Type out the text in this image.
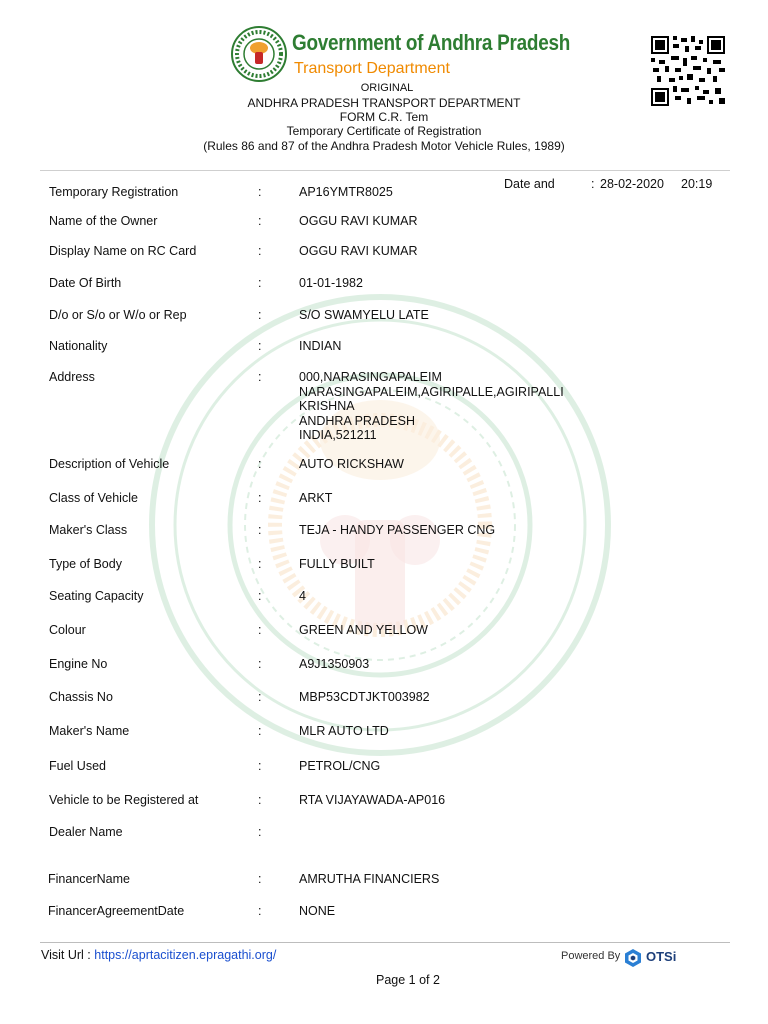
Government of Andhra Pradesh
Transport Department
ORIGINAL
ANDHRA PRADESH TRANSPORT DEPARTMENT
FORM C.R. Tem
Temporary Certificate of Registration
(Rules 86 and 87 of the Andhra Pradesh Motor Vehicle Rules, 1989)
Date and	: 28-02-2020 20:19
Temporary Registration	:	AP16YMTR8025
Name of the Owner	:	OGGU RAVI KUMAR
Display Name on RC Card	:	OGGU RAVI KUMAR
Date Of Birth	:	01-01-1982
D/o or S/o or W/o or Rep	:	S/O SWAMYELU LATE
Nationality	:	INDIAN
Address	:	000,NARASINGAPALEIM
NARASINGAPALEIM,AGIRIPALLE,AGIRIPALLI
KRISHNA
ANDHRA PRADESH
INDIA,521211
Description of Vehicle	:	AUTO RICKSHAW
Class of Vehicle	:	ARKT
Maker's Class	:	TEJA - HANDY PASSENGER CNG
Type of Body	:	FULLY BUILT
Seating Capacity	:	4
Colour	:	GREEN AND YELLOW
Engine No	:	A9J1350903
Chassis No	:	MBP53CDTJKT003982
Maker's Name	:	MLR AUTO LTD
Fuel Used	:	PETROL/CNG
Vehicle to be Registered at	:	RTA VIJAYAWADA-AP016
Dealer Name	:
FinancerName	:	AMRUTHA FINANCIERS
FinancerAgreementDate	:	NONE
Visit Url : https://aprtacitizen.epragathi.org/	Powered By OTSi
Page 1 of 2
